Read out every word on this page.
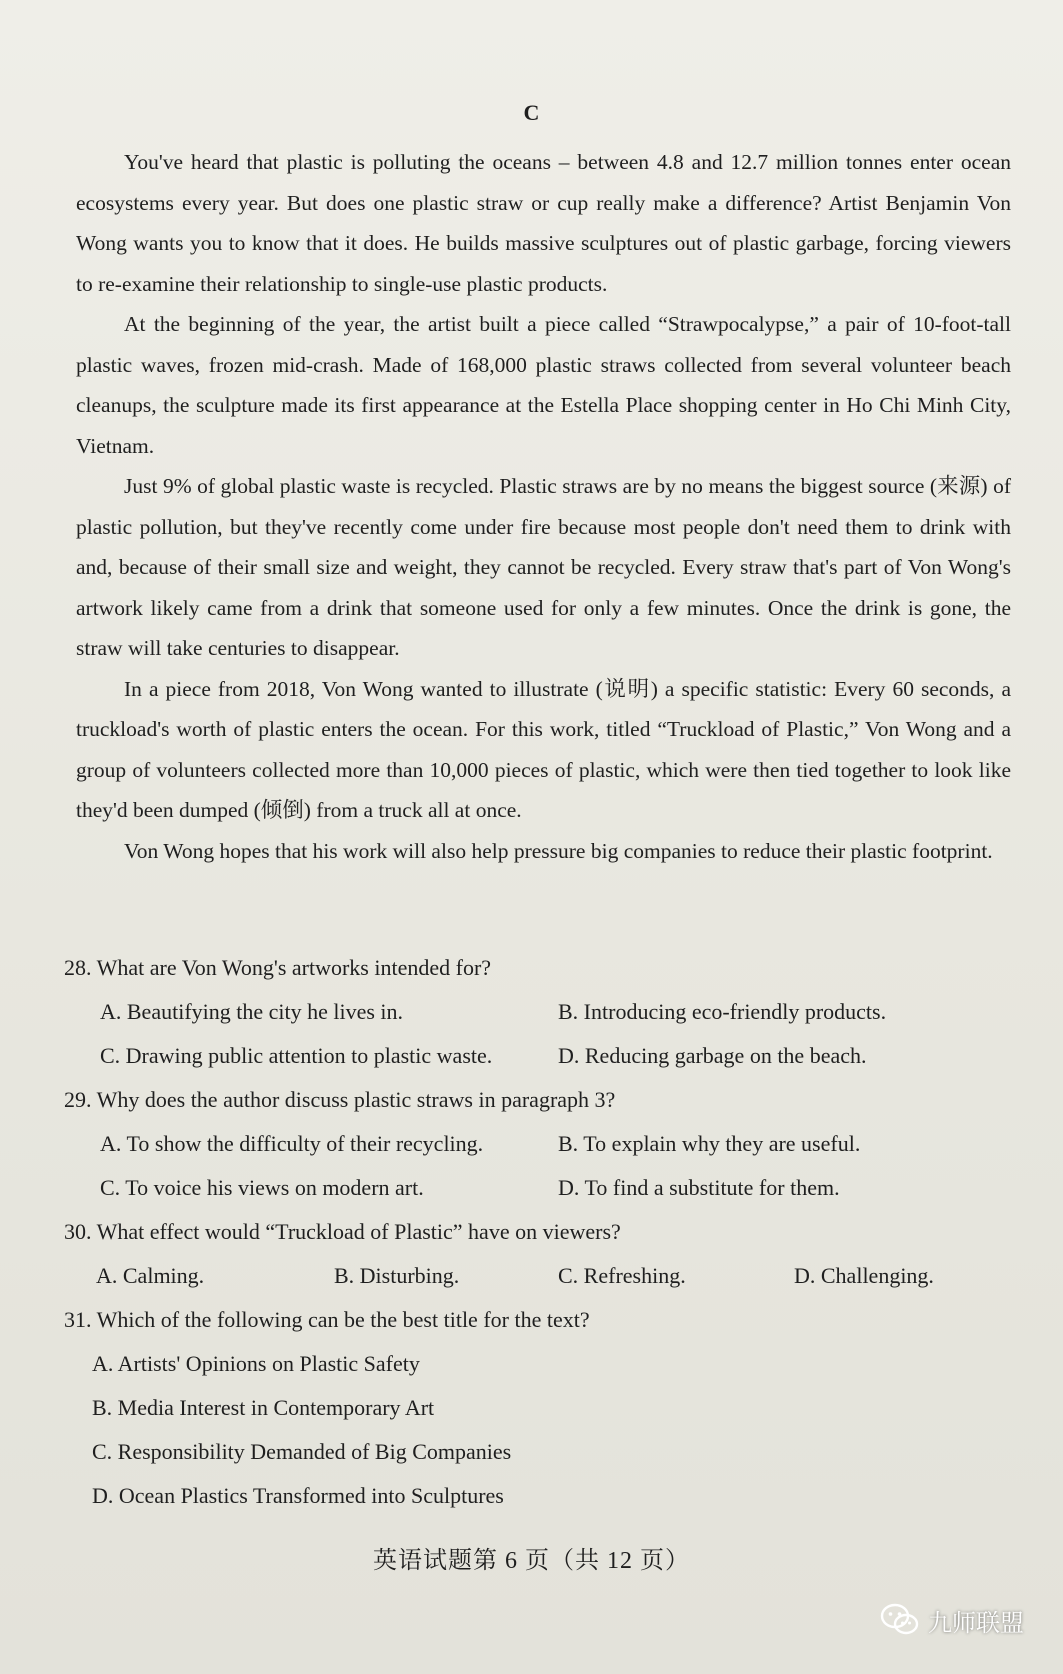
C

You've heard that plastic is polluting the oceans – between 4.8 and 12.7 million tonnes enter ocean ecosystems every year. But does one plastic straw or cup really make a difference? Artist Benjamin Von Wong wants you to know that it does. He builds massive sculptures out of plastic garbage, forcing viewers to re-examine their relationship to single-use plastic products.

At the beginning of the year, the artist built a piece called “Strawpocalypse,” a pair of 10-foot-tall plastic waves, frozen mid-crash. Made of 168,000 plastic straws collected from several volunteer beach cleanups, the sculpture made its first appearance at the Estella Place shopping center in Ho Chi Minh City, Vietnam.

Just 9% of global plastic waste is recycled. Plastic straws are by no means the biggest source (来源) of plastic pollution, but they've recently come under fire because most people don't need them to drink with and, because of their small size and weight, they cannot be recycled. Every straw that's part of Von Wong's artwork likely came from a drink that someone used for only a few minutes. Once the drink is gone, the straw will take centuries to disappear.

In a piece from 2018, Von Wong wanted to illustrate (说明) a specific statistic: Every 60 seconds, a truckload's worth of plastic enters the ocean. For this work, titled “Truckload of Plastic,” Von Wong and a group of volunteers collected more than 10,000 pieces of plastic, which were then tied together to look like they'd been dumped (倾倒) from a truck all at once.

Von Wong hopes that his work will also help pressure big companies to reduce their plastic footprint.

28. What are Von Wong's artworks intended for?
A. Beautifying the city he lives in.	B. Introducing eco-friendly products.
C. Drawing public attention to plastic waste.	D. Reducing garbage on the beach.
29. Why does the author discuss plastic straws in paragraph 3?
A. To show the difficulty of their recycling.	B. To explain why they are useful.
C. To voice his views on modern art.	D. To find a substitute for them.
30. What effect would “Truckload of Plastic” have on viewers?
A. Calming.	B. Disturbing.	C. Refreshing.	D. Challenging.
31. Which of the following can be the best title for the text?
A. Artists' Opinions on Plastic Safety
B. Media Interest in Contemporary Art
C. Responsibility Demanded of Big Companies
D. Ocean Plastics Transformed into Sculptures
英语试题第 6 页（共 12 页）
九师联盟
